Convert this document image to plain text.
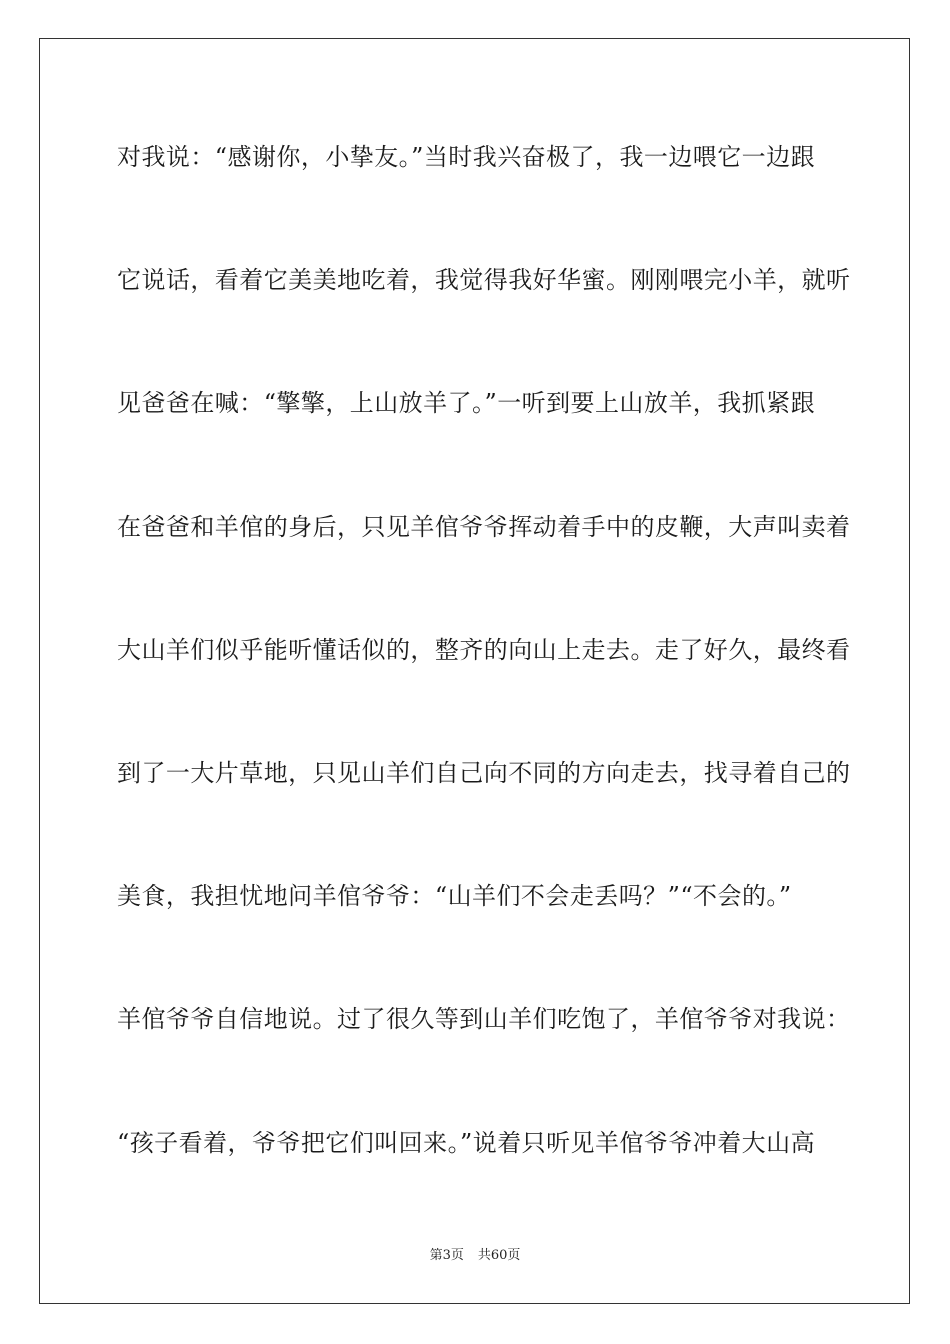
对我说：“感谢你，小挚友。”当时我兴奋极了，我一边喂它一边跟
它说话，看着它美美地吃着，我觉得我好华蜜。刚刚喂完小羊，就听
见爸爸在喊：“擎擎，上山放羊了。”一听到要上山放羊，我抓紧跟
在爸爸和羊倌的身后，只见羊倌爷爷挥动着手中的皮鞭，大声叫卖着
大山羊们似乎能听懂话似的，整齐的向山上走去。走了好久，最终看
到了一大片草地，只见山羊们自己向不同的方向走去，找寻着自己的
美食，我担忧地问羊倌爷爷：“山羊们不会走丢吗？”“不会的。”
羊倌爷爷自信地说。过了很久等到山羊们吃饱了，羊倌爷爷对我说：
“孩子看着，爷爷把它们叫回来。”说着只听见羊倌爷爷冲着大山高
第3页 共60页
